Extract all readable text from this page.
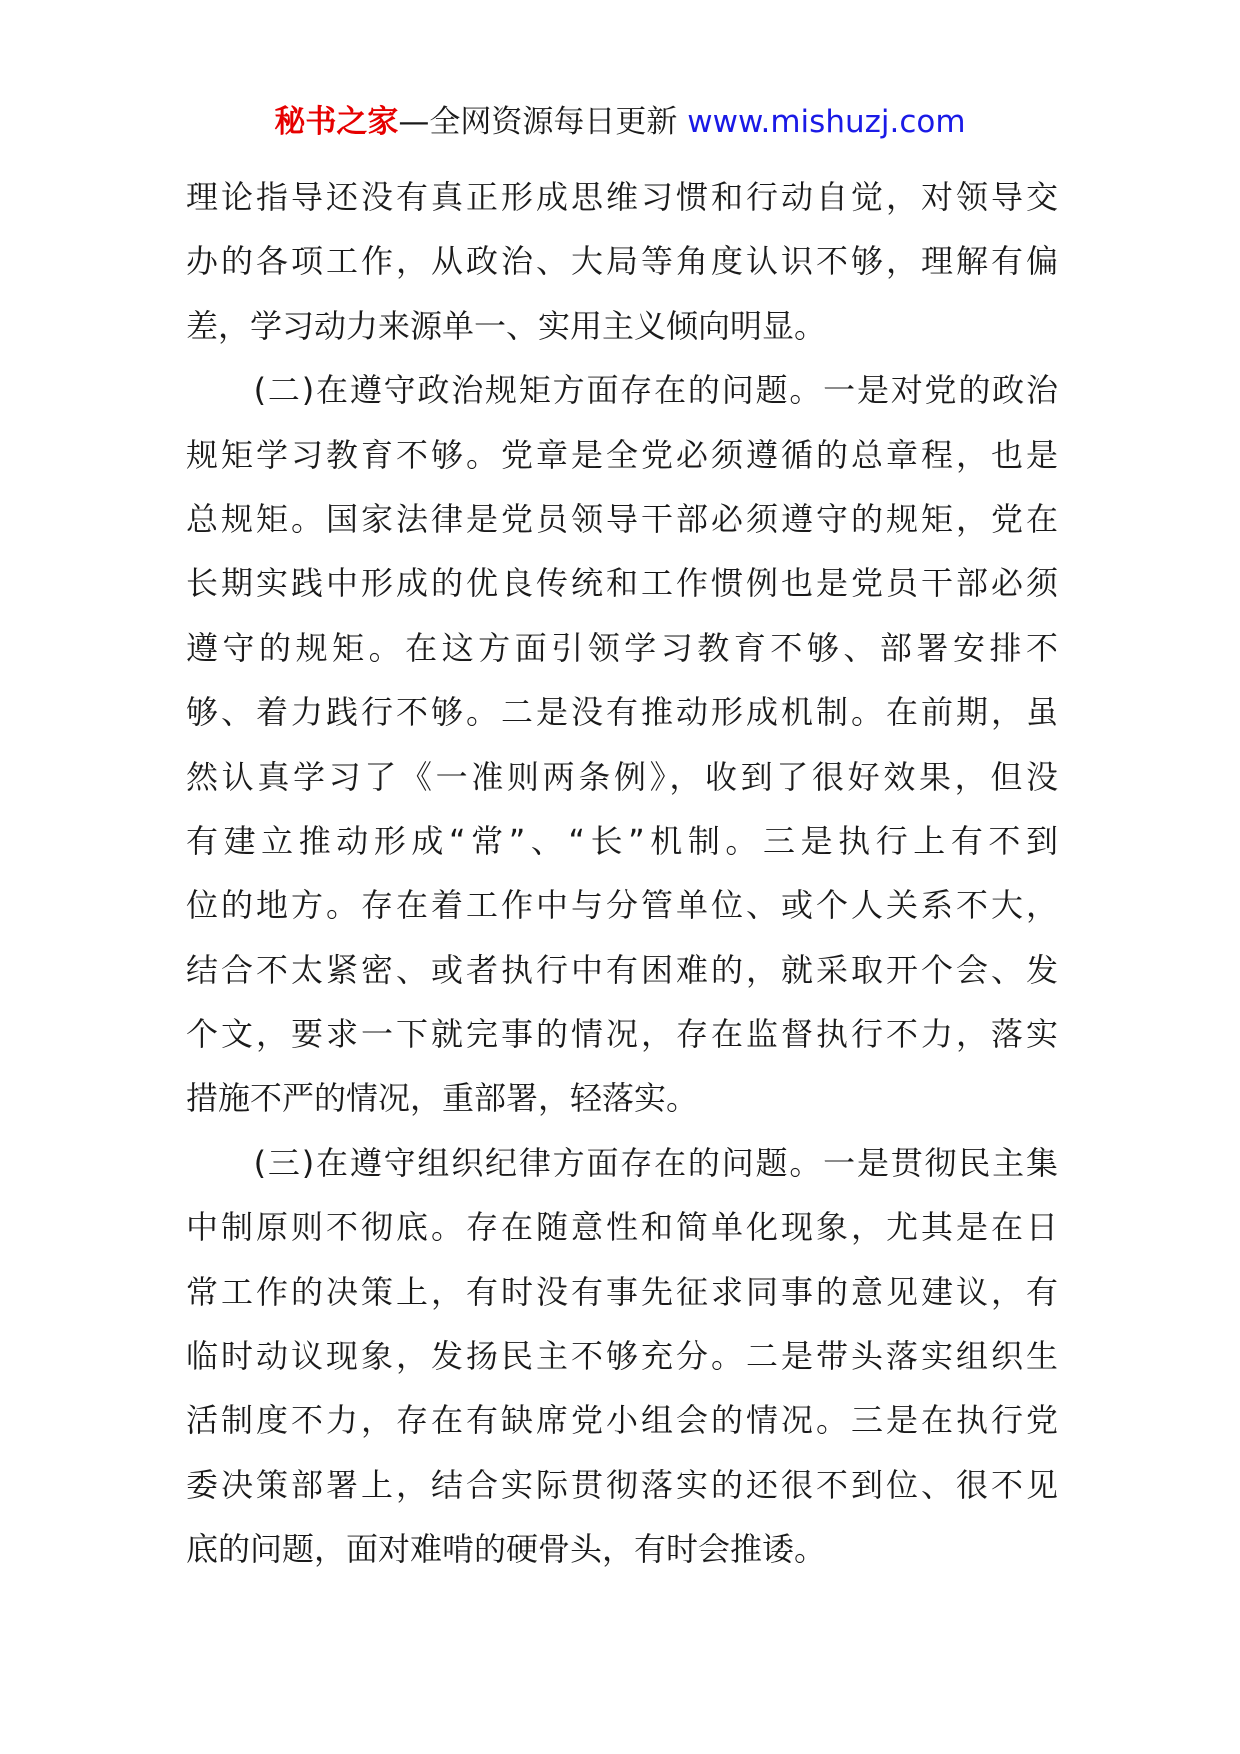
秘书之家—全网资源每日更新 www.mishuzj.com
理论指导还没有真正形成思维习惯和行动自觉，对领导交
办的各项工作，从政治、大局等角度认识不够，理解有偏
差，学习动力来源单一、实用主义倾向明显。
　　(二)在遵守政治规矩方面存在的问题。一是对党的政治
规矩学习教育不够。党章是全党必须遵循的总章程，也是
总规矩。国家法律是党员领导干部必须遵守的规矩，党在
长期实践中形成的优良传统和工作惯例也是党员干部必须
遵守的规矩。在这方面引领学习教育不够、部署安排不
够、着力践行不够。二是没有推动形成机制。在前期，虽
然认真学习了《一准则两条例》，收到了很好效果，但没
有建立推动形成“常”、“长”机制。三是执行上有不到
位的地方。存在着工作中与分管单位、或个人关系不大，
结合不太紧密、或者执行中有困难的，就采取开个会、发
个文，要求一下就完事的情况，存在监督执行不力，落实
措施不严的情况，重部署，轻落实。
　　(三)在遵守组织纪律方面存在的问题。一是贯彻民主集
中制原则不彻底。存在随意性和简单化现象，尤其是在日
常工作的决策上，有时没有事先征求同事的意见建议，有
临时动议现象，发扬民主不够充分。二是带头落实组织生
活制度不力，存在有缺席党小组会的情况。三是在执行党
委决策部署上，结合实际贯彻落实的还很不到位、很不见
底的问题，面对难啃的硬骨头，有时会推诿。
